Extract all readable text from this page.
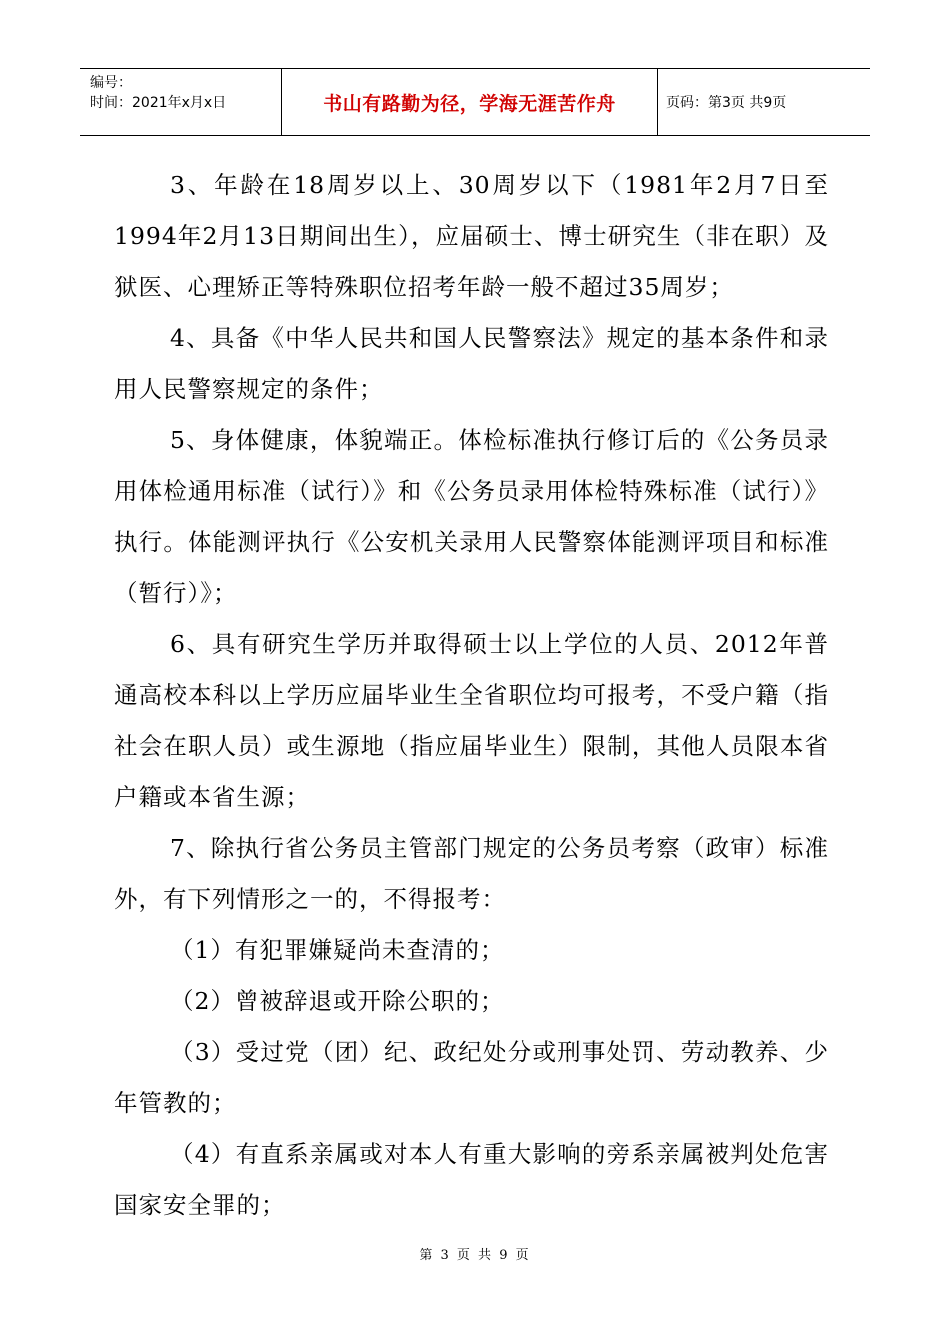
编号：
时间：2021年x月x日	书山有路勤为径，学海无涯苦作舟	页码：第3页 共9页

3、年龄在18周岁以上、30周岁以下（1981年2月7日至1994年2月13日期间出生），应届硕士、博士研究生（非在职）及狱医、心理矫正等特殊职位招考年龄一般不超过35周岁；

4、具备《中华人民共和国人民警察法》规定的基本条件和录用人民警察规定的条件；

5、身体健康，体貌端正。体检标准执行修订后的《公务员录用体检通用标准（试行）》和《公务员录用体检特殊标准（试行）》执行。体能测评执行《公安机关录用人民警察体能测评项目和标准（暂行）》；

6、具有研究生学历并取得硕士以上学位的人员、2012年普通高校本科以上学历应届毕业生全省职位均可报考，不受户籍（指社会在职人员）或生源地（指应届毕业生）限制，其他人员限本省户籍或本省生源；

7、除执行省公务员主管部门规定的公务员考察（政审）标准外，有下列情形之一的，不得报考：

（1）有犯罪嫌疑尚未查清的；

（2）曾被辞退或开除公职的；

（3）受过党（团）纪、政纪处分或刑事处罚、劳动教养、少年管教的；

（4）有直系亲属或对本人有重大影响的旁系亲属被判处危害国家安全罪的；

第 3 页 共 9 页
